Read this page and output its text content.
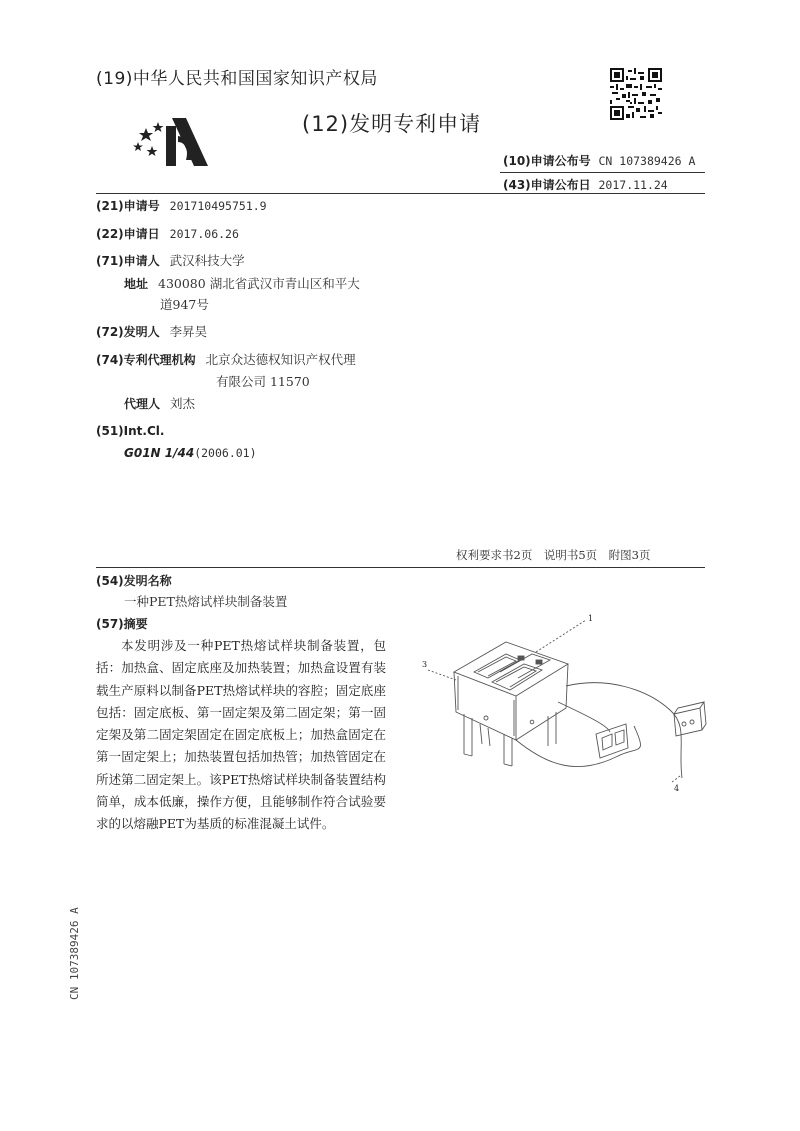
(19)中华人民共和国国家知识产权局
(12)发明专利申请
(10)申请公布号 CN 107389426 A
(43)申请公布日 2017.11.24
(21)申请号 201710495751.9
(22)申请日 2017.06.26
(71)申请人 武汉科技大学
地址 430080 湖北省武汉市青山区和平大
道947号
(72)发明人 李昇昊
(74)专利代理机构 北京众达德权知识产权代理
有限公司 11570
代理人 刘杰
(51)Int.Cl.
G01N 1/44(2006.01)
权利要求书2页　说明书5页　附图3页
(54)发明名称
一种PET热熔试样块制备装置
(57)摘要

本发明涉及一种PET热熔试样块制备装置，包括：加热盒、固定底座及加热装置；加热盒设置有装载生产原料以制备PET热熔试样块的容腔；固定底座包括：固定底板、第一固定架及第二固定架；第一固定架及第二固定架固定在固定底板上；加热盒固定在第一固定架上；加热装置包括加热管；加热管固定在所述第二固定架上。该PET热熔试样块制备装置结构简单，成本低廉，操作方便，且能够制作符合试验要求的以熔融PET为基质的标准混凝土试件。

1
3
4
CN 107389426 A
